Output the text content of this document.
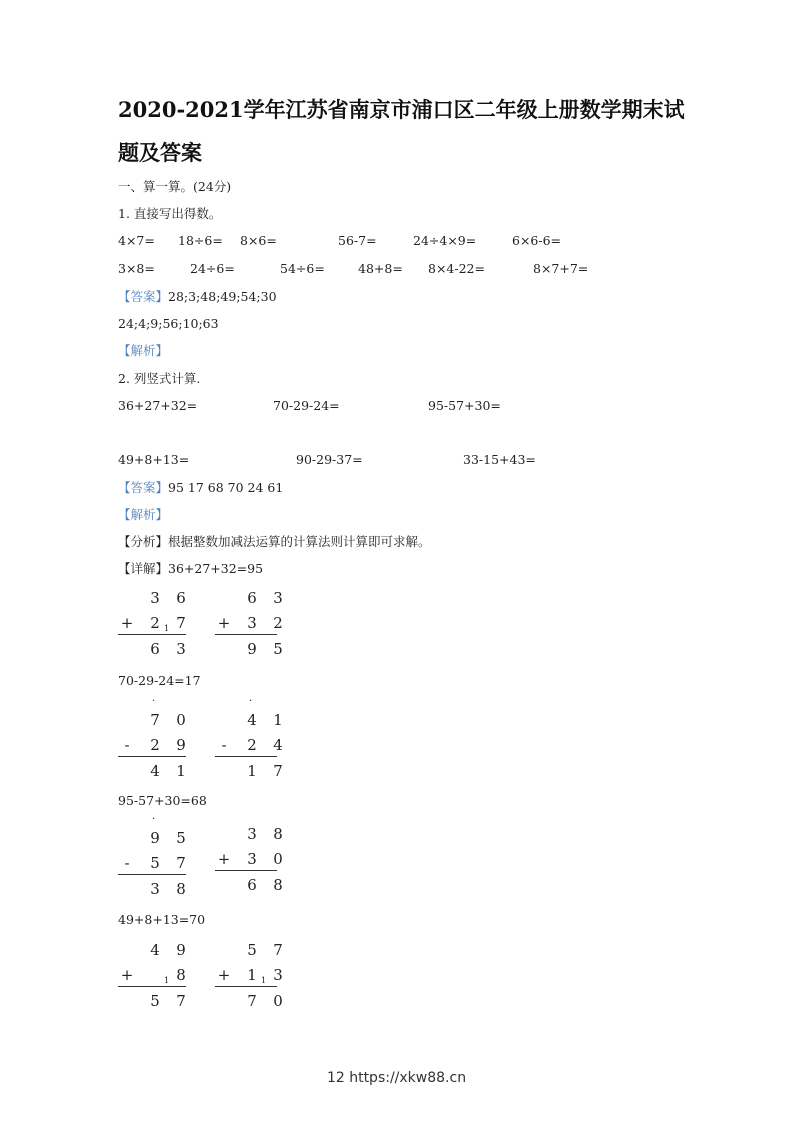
2020-2021学年江苏省南京市浦口区二年级上册数学期末试
题及答案
一、算一算。(24分)
1. 直接写出得数。
4×7= 18÷6= 8×6=	56-7=	24÷4×9=	6×6-6=
3×8=	24÷6=	54÷6=	48+8= 8×4-22=	8×7+7=
【答案】28;3;48;49;54;30
24;4;9;56;10;63
【解析】
2. 列竖式计算.
36+27+32=	70-29-24=	95-57+30=
49+8+13=	90-29-37=	33-15+43=
【答案】95 17 68 70 24 61
【解析】
【分析】根据整数加减法运算的计算法则计算即可求解。
【详解】36+27+32=95
70-29-24=17
95-57+30=68
49+8+13=70
3 6
+ 2 7
6 3
1
6 3
+ 3 2
9 5
7 0
- 2 9
4 1
·
4 1
- 2 4
1 7
·
9 5
- 5 7
3 8
·
3 8
+ 3 0
6 8
4 9
+	8
5 7
1
5 7
+ 1 3
7 0
1
12 https://xkw88.cn
